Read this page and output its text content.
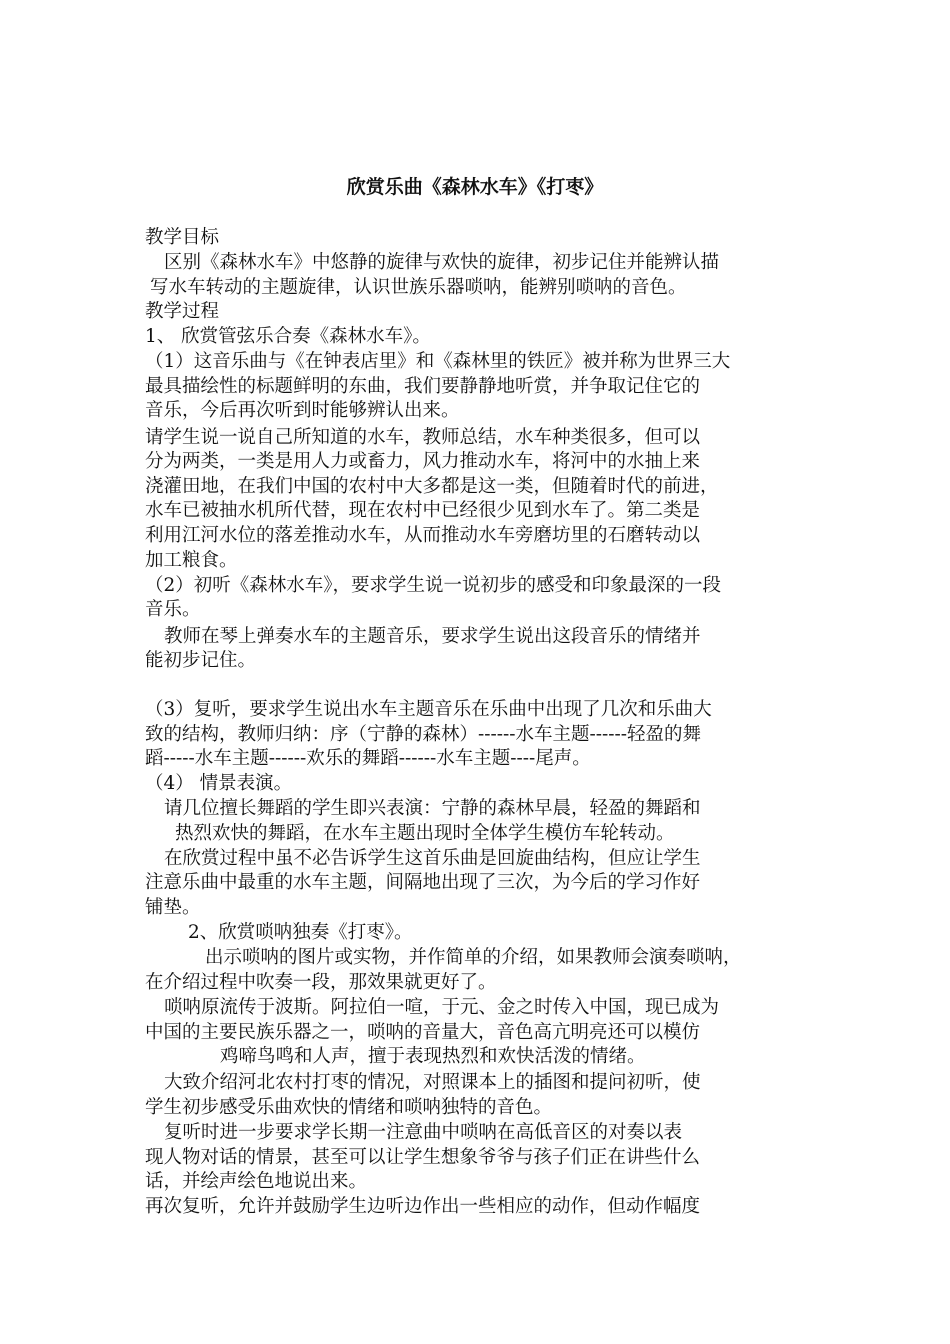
欣赏乐曲《森林水车》《打枣》
教学目标
区别《森林水车》中悠静的旋律与欢快的旋律，初步记住并能辨认描
写水车转动的主题旋律，认识世族乐器唢呐，能辨别唢呐的音色。
教学过程
1、 欣赏管弦乐合奏《森林水车》。
（1）这音乐曲与《在钟表店里》和《森林里的铁匠》被并称为世界三大
最具描绘性的标题鲜明的东曲，我们要静静地听赏，并争取记住它的
音乐，今后再次听到时能够辨认出来。
请学生说一说自己所知道的水车，教师总结，水车种类很多，但可以
分为两类，一类是用人力或畜力，风力推动水车，将河中的水抽上来
浇灌田地，在我们中国的农村中大多都是这一类，但随着时代的前进，
水车已被抽水机所代替，现在农村中已经很少见到水车了。第二类是
利用江河水位的落差推动水车，从而推动水车旁磨坊里的石磨转动以
加工粮食。
（2）初听《森林水车》，要求学生说一说初步的感受和印象最深的一段
音乐。
教师在琴上弹奏水车的主题音乐，要求学生说出这段音乐的情绪并
能初步记住。
（3）复听，要求学生说出水车主题音乐在乐曲中出现了几次和乐曲大
致的结构，教师归纳：序（宁静的森林）------水车主题------轻盈的舞
蹈-----水车主题------欢乐的舞蹈------水车主题----尾声。
（4） 情景表演。
请几位擅长舞蹈的学生即兴表演：宁静的森林早晨，轻盈的舞蹈和
热烈欢快的舞蹈，在水车主题出现时全体学生模仿车轮转动。
在欣赏过程中虽不必告诉学生这首乐曲是回旋曲结构，但应让学生
注意乐曲中最重的水车主题，间隔地出现了三次，为今后的学习作好
铺垫。
2、欣赏唢呐独奏《打枣》。
出示唢呐的图片或实物，并作简单的介绍，如果教师会演奏唢呐，
在介绍过程中吹奏一段，那效果就更好了。
唢呐原流传于波斯。阿拉伯一喧，于元、金之时传入中国，现已成为
中国的主要民族乐器之一，唢呐的音量大，音色高亢明亮还可以模仿
鸡啼鸟鸣和人声，擅于表现热烈和欢快活泼的情绪。
大致介绍河北农村打枣的情况，对照课本上的插图和提问初听，使
学生初步感受乐曲欢快的情绪和唢呐独特的音色。
复听时进一步要求学长期一注意曲中唢呐在高低音区的对奏以表
现人物对话的情景，甚至可以让学生想象爷爷与孩子们正在讲些什么
话，并绘声绘色地说出来。
再次复听，允许并鼓励学生边听边作出一些相应的动作，但动作幅度
